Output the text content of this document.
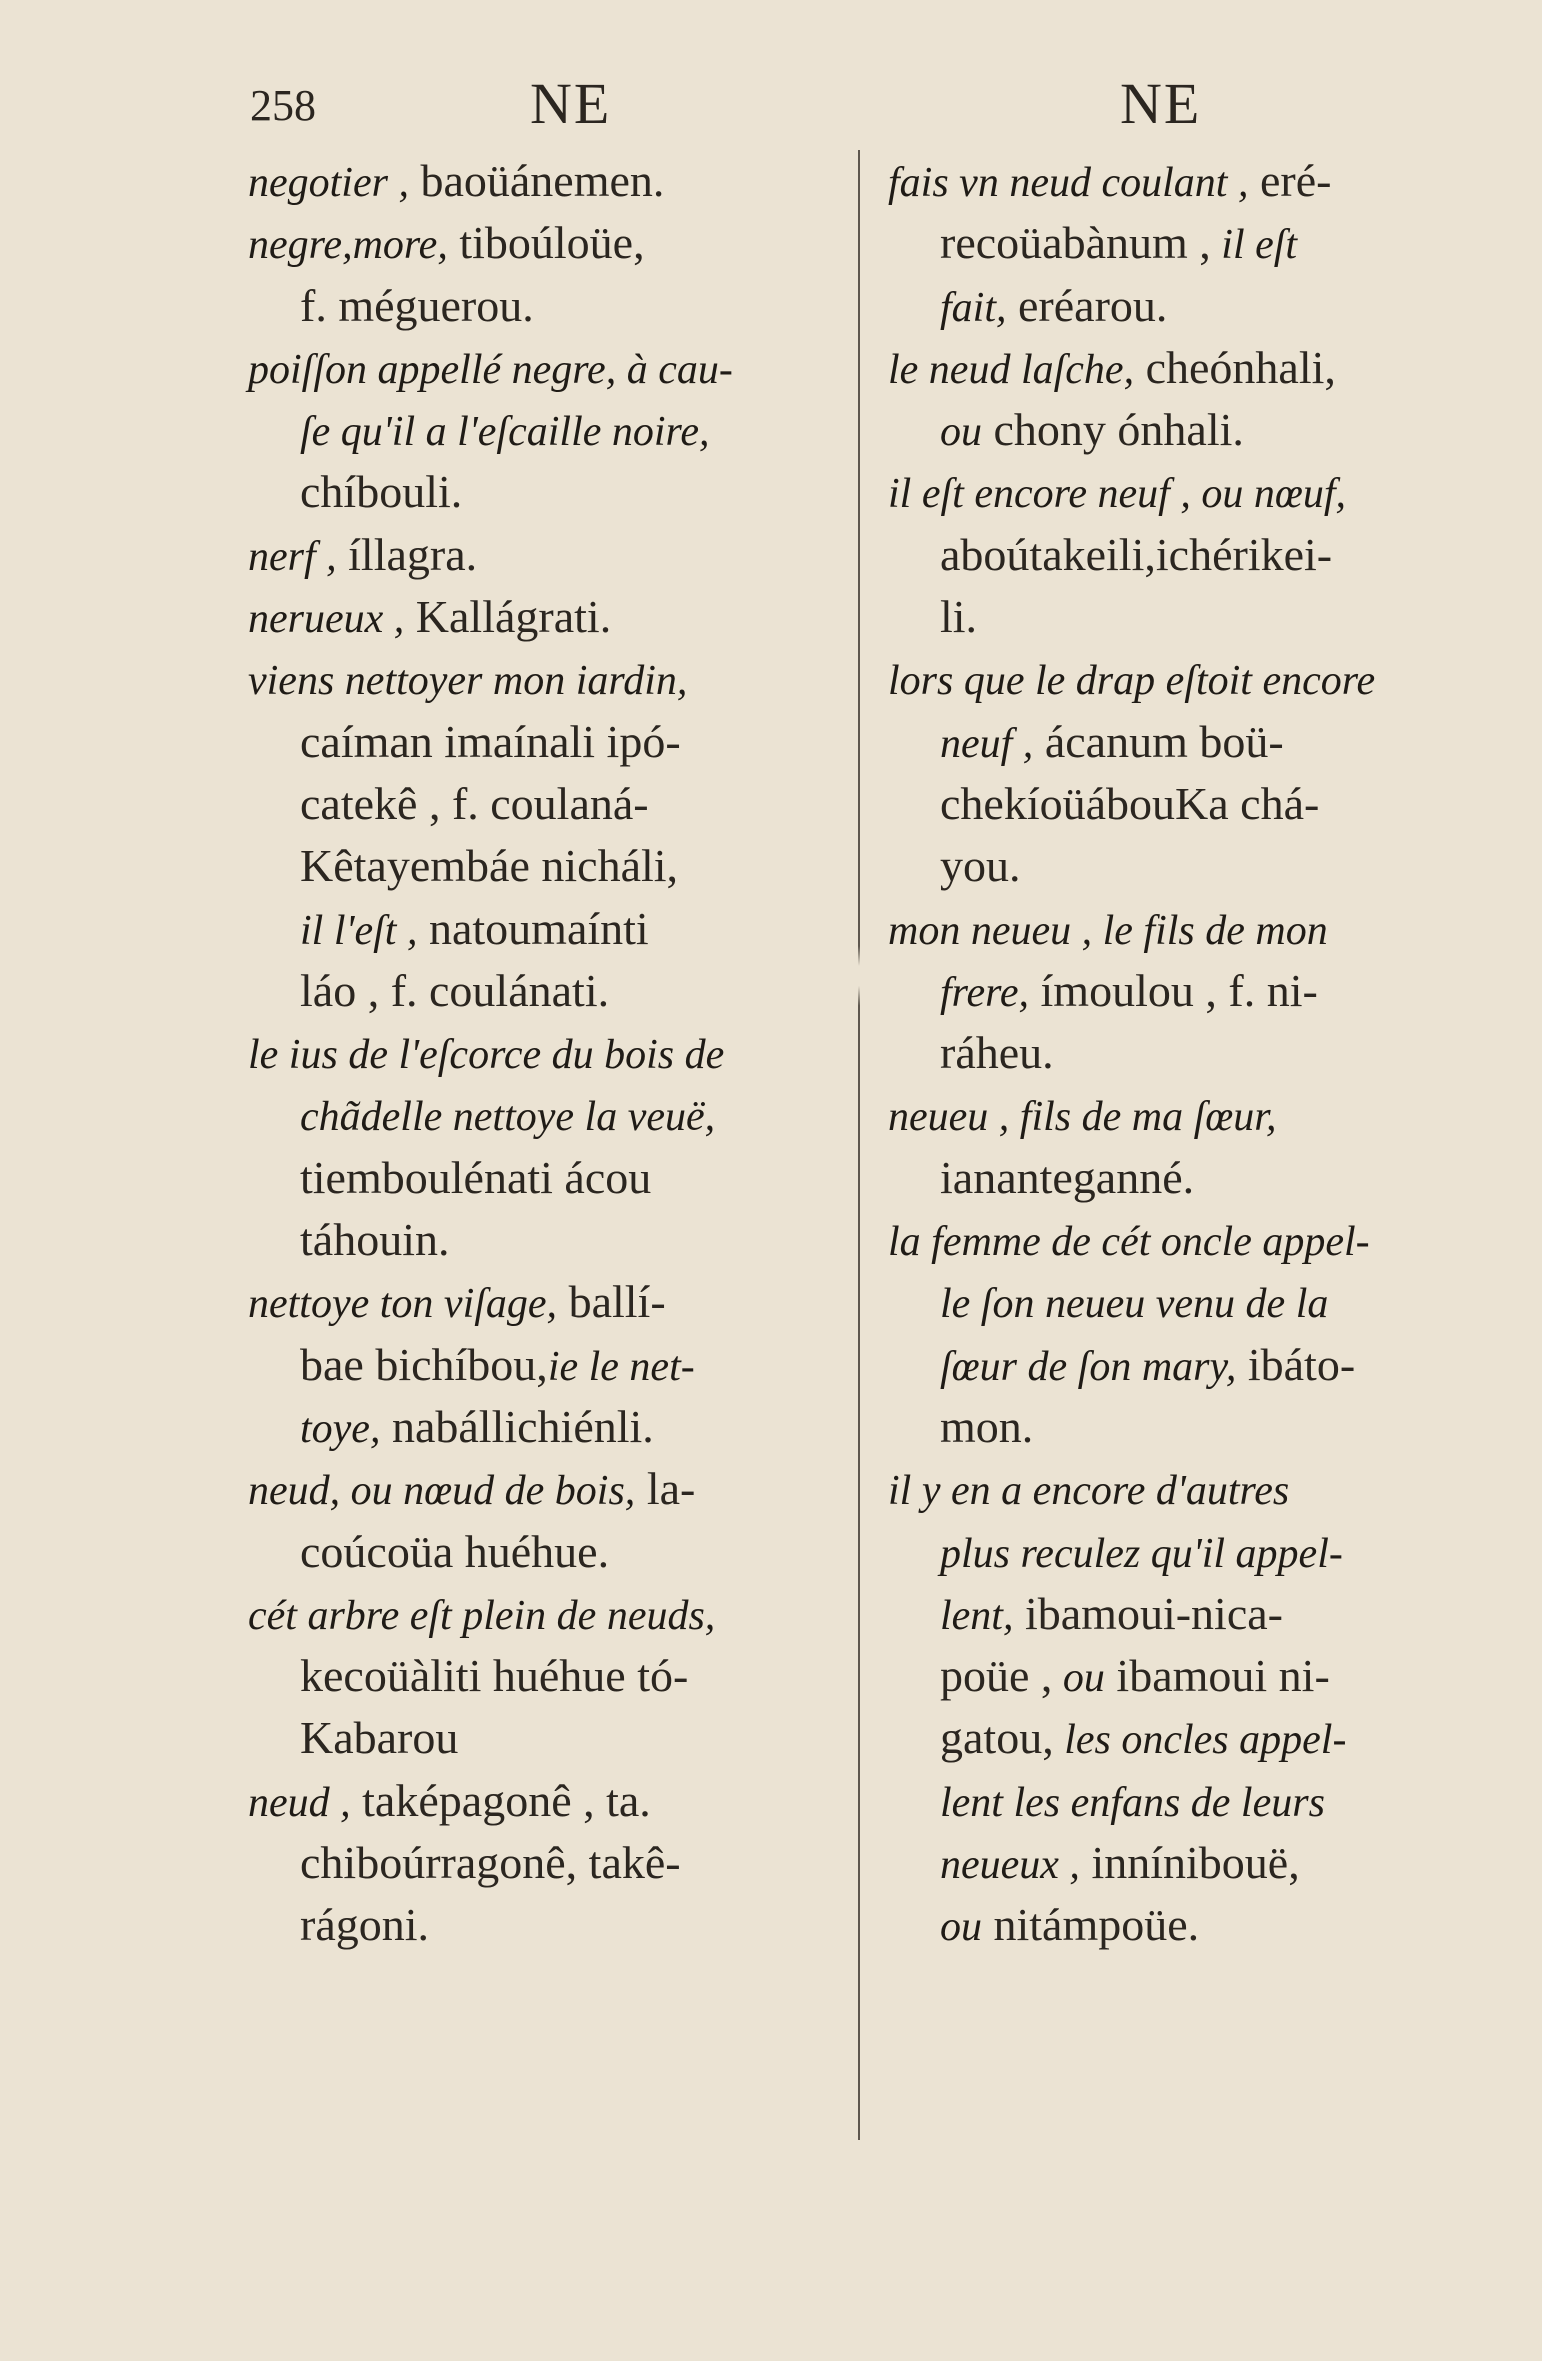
258	NE	NE
negotier , baoüánemen.
negre,more, tiboúloüe,
f. méguerou.
poiſſon appellé negre, à cau-
ſe qu'il a l'eſcaille noire,
chíbouli.
nerf , íllagra.
nerueux , Kallágrati.
viens nettoyer mon iardin,
caíman imaínali ipó-
catekê , f. coulaná-
Kêtayembáe nicháli,
il l'eſt , natoumaínti
láo , f. coulánati.
le ius de l'eſcorce du bois de
chãdelle nettoye la veuë,
tiemboulénati ácou
táhouin.
nettoye ton viſage, ballí-
bae bichíbou,ie le net-
toye, nabállichiénli.
neud, ou nœud de bois, la-
coúcoüa huéhue.
cét arbre eſt plein de neuds,
kecoüàliti huéhue tó-
Kabarou
neud , taképagonê , ta.
chiboúrragonê, takê-
rágoni.
fais vn neud coulant , eré-
recoüabànum , il eſt
fait, eréarou.
le neud laſche, cheónhali,
ou chony ónhali.
il eſt encore neuf , ou nœuf,
aboútakeili,ichérikei-
li.
lors que le drap eſtoit encore
neuf , ácanum boü-
chekíoüábouKa chá-
you.
mon neueu , le fils de mon
frere, ímoulou , f. ni-
ráheu.
neueu , fils de ma ſœur,
iananteganné.
la femme de cét oncle appel-
le ſon neueu venu de la
ſœur de ſon mary, ibáto-
mon.
il y en a encore d'autres
plus reculez qu'il appel-
lent, ibamoui-nica-
poüe , ou ibamoui ni-
gatou, les oncles appel-
lent les enfans de leurs
neueux , innínibouë,
ou nitámpoüe.
